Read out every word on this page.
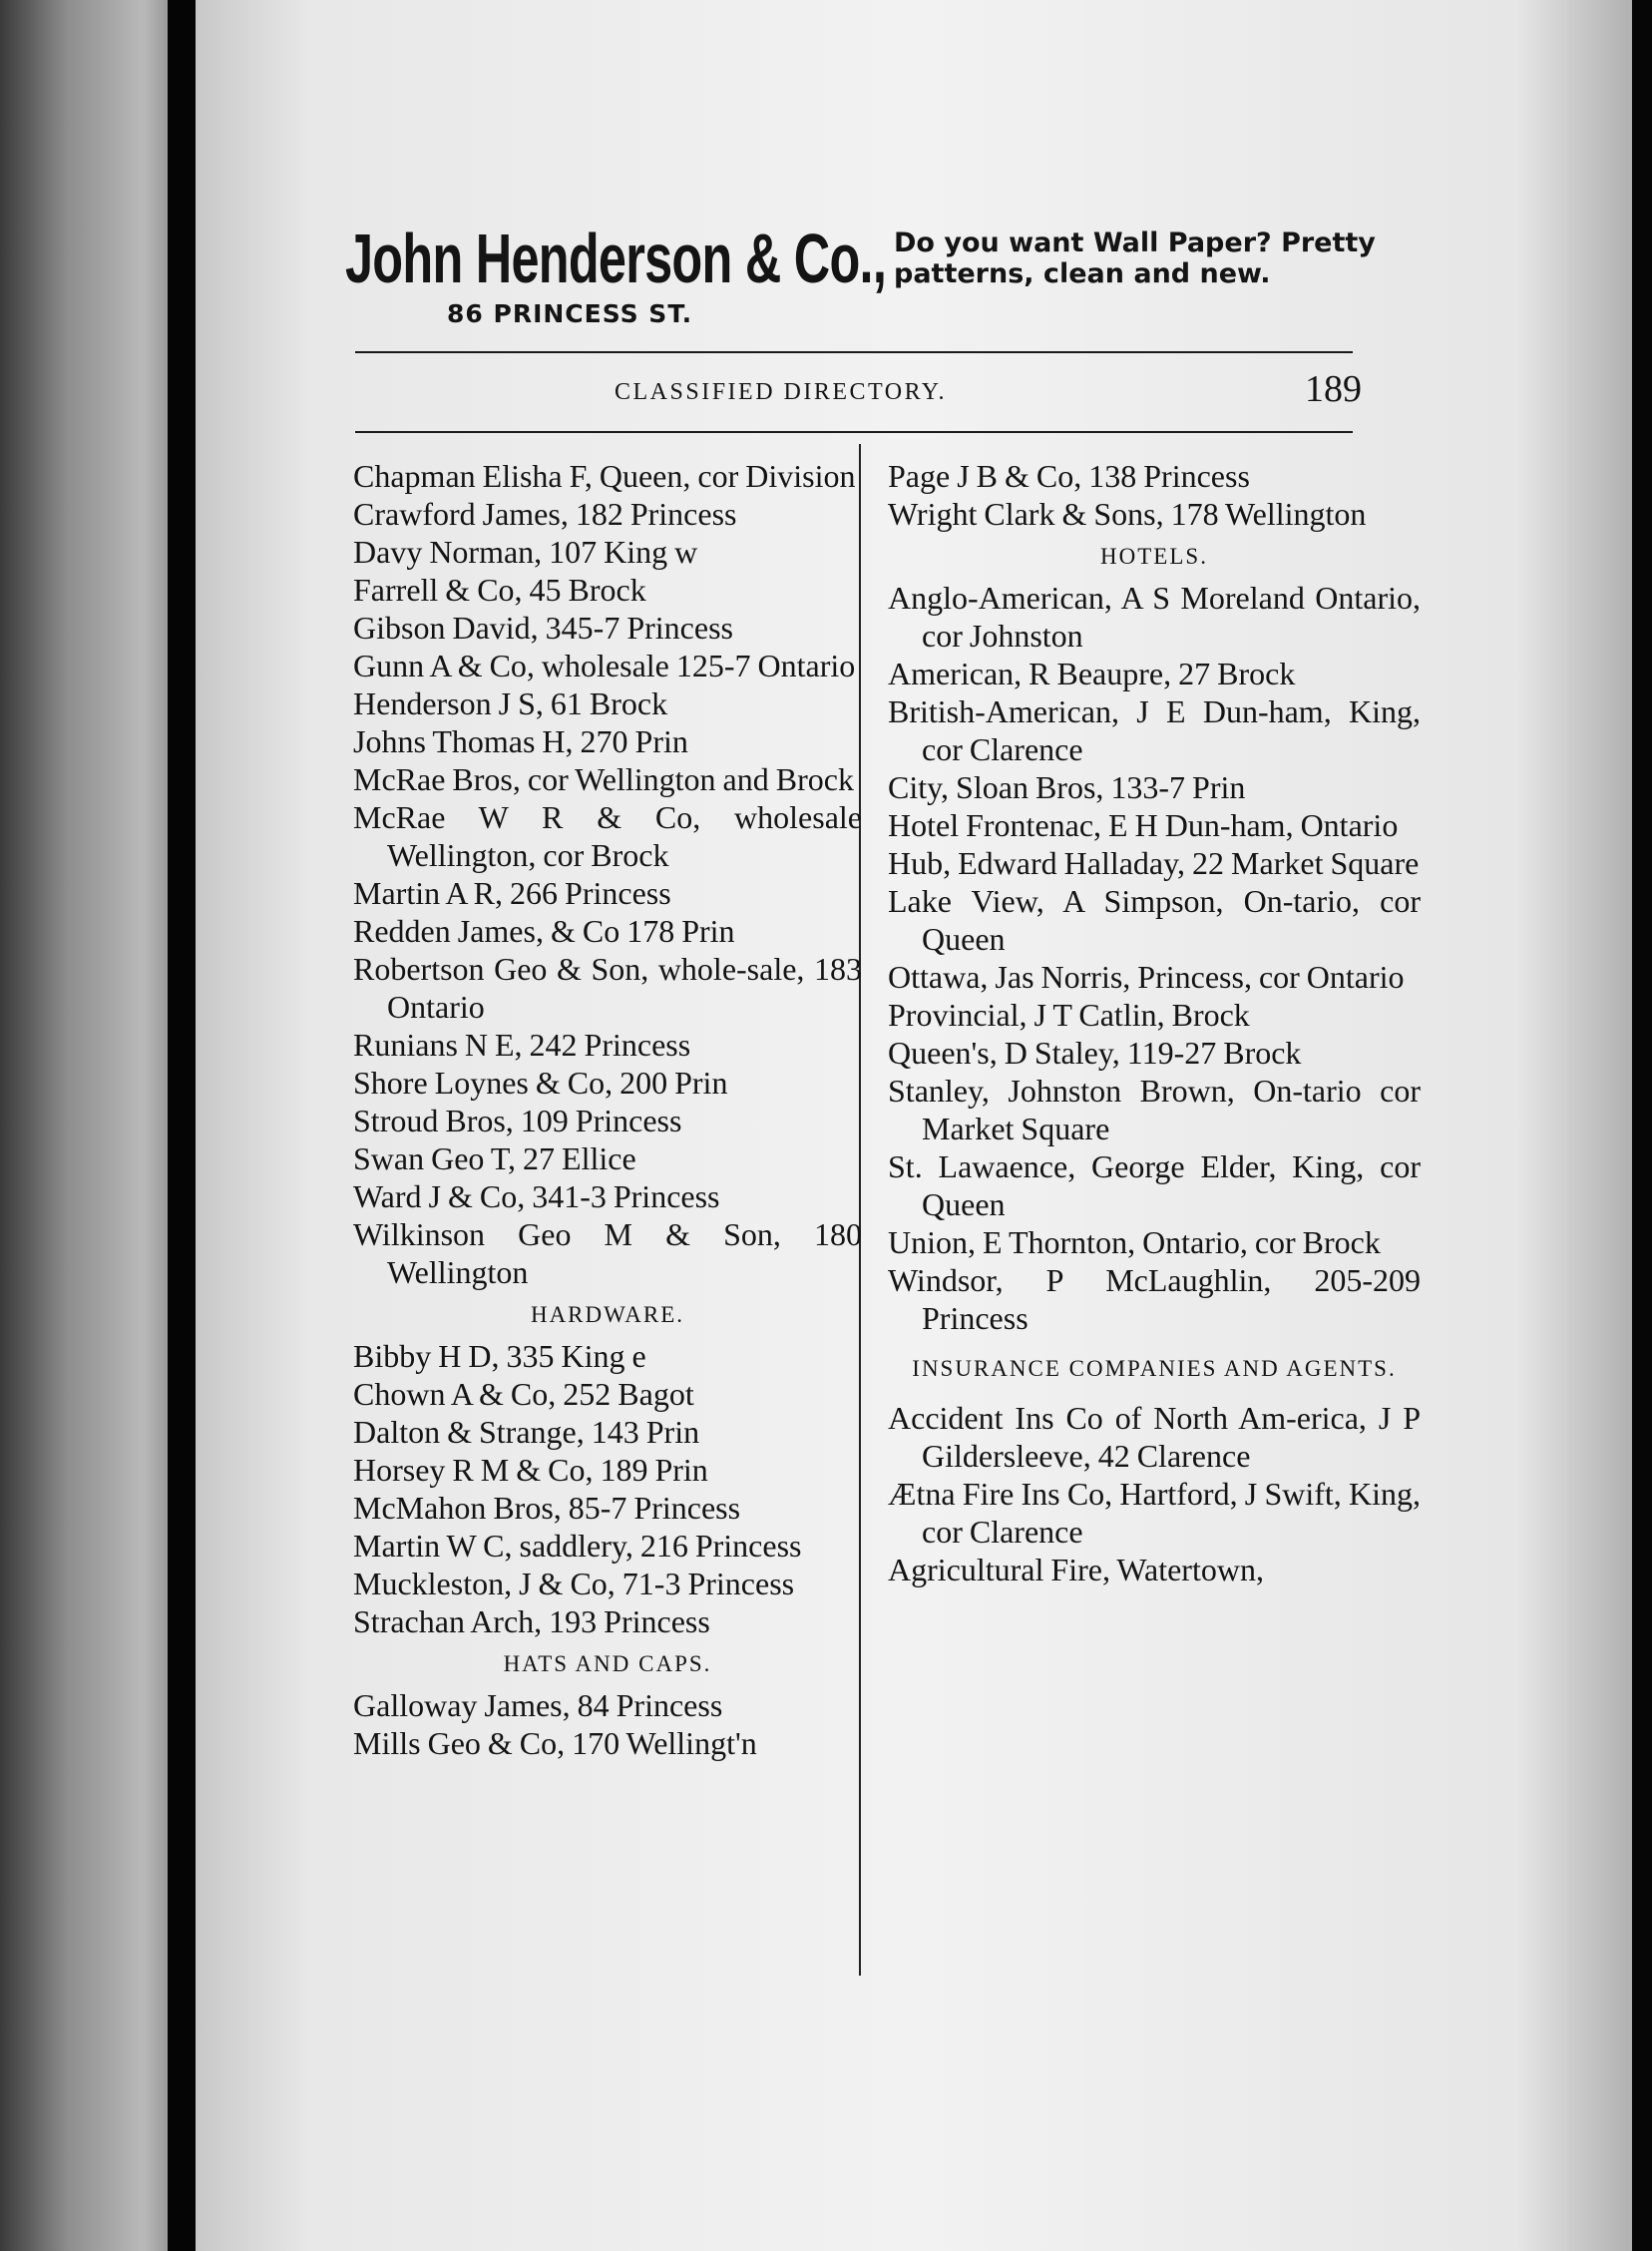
John Henderson & Co.,
86 PRINCESS ST.
Do you want Wall Paper? Pretty patterns, clean and new.
CLASSIFIED DIRECTORY.	189
Chapman Elisha F, Queen, cor Division
Crawford James, 182 Princess
Davy Norman, 107 King w
Farrell & Co, 45 Brock
Gibson David, 345-7 Princess
Gunn A & Co, wholesale 125-7 Ontario
Henderson J S, 61 Brock
Johns Thomas H, 270 Prin
McRae Bros, cor Wellington and Brock
McRae W R & Co, wholesale Wellington, cor Brock
Martin A R, 266 Princess
Redden James, & Co 178 Prin
Robertson Geo & Son, whole-sale, 183 Ontario
Runians N E, 242 Princess
Shore Loynes & Co, 200 Prin
Stroud Bros, 109 Princess
Swan Geo T, 27 Ellice
Ward J & Co, 341-3 Princess
Wilkinson Geo M & Son, 180 Wellington
HARDWARE.
Bibby H D, 335 King e
Chown A & Co, 252 Bagot
Dalton & Strange, 143 Prin
Horsey R M & Co, 189 Prin
McMahon Bros, 85-7 Princess
Martin W C, saddlery, 216 Princess
Muckleston, J & Co, 71-3 Princess
Strachan Arch, 193 Princess
HATS AND CAPS.
Galloway James, 84 Princess
Mills Geo & Co, 170 Wellingt'n
Page J B & Co, 138 Princess
Wright Clark & Sons, 178 Wellington
HOTELS.
Anglo-American, A S Moreland Ontario, cor Johnston
American, R Beaupre, 27 Brock
British-American, J E Dun-ham, King, cor Clarence
City, Sloan Bros, 133-7 Prin
Hotel Frontenac, E H Dun-ham, Ontario
Hub, Edward Halladay, 22 Market Square
Lake View, A Simpson, On-tario, cor Queen
Ottawa, Jas Norris, Princess, cor Ontario
Provincial, J T Catlin, Brock
Queen's, D Staley, 119-27 Brock
Stanley, Johnston Brown, On-tario cor Market Square
St. Lawaence, George Elder, King, cor Queen
Union, E Thornton, Ontario, cor Brock
Windsor, P McLaughlin, 205-209 Princess
INSURANCE COMPANIES AND AGENTS.
Accident Ins Co of North Am-erica, J P Gildersleeve, 42 Clarence
Ætna Fire Ins Co, Hartford, J Swift, King, cor Clarence
Agricultural Fire, Watertown,
